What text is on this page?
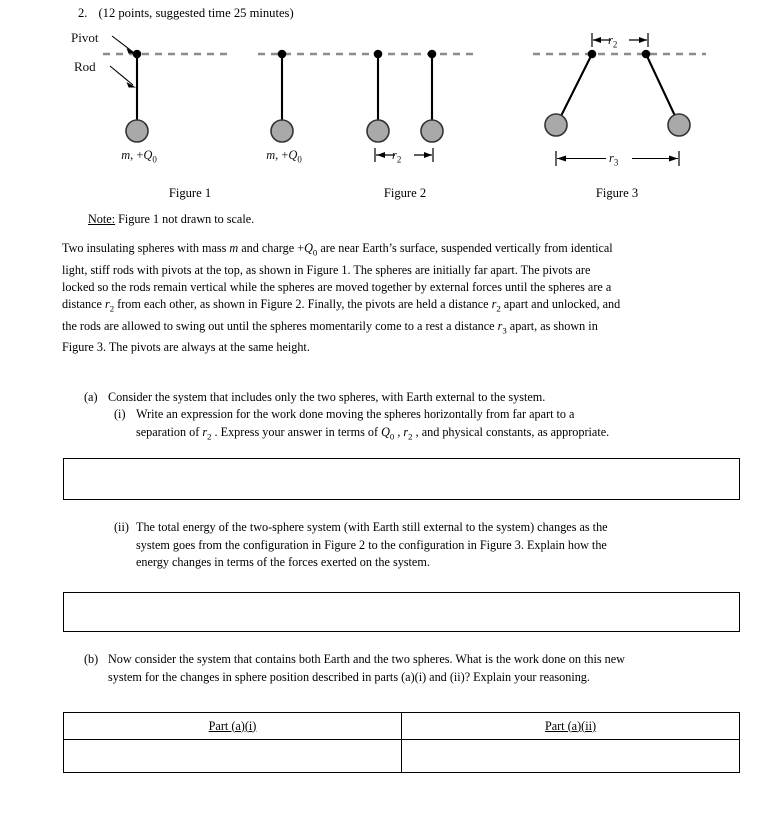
2. (12 points, suggested time 25 minutes)
Pivot
Rod
m, $+Q_0$	m, $+Q_0$	$r_2$
$r_2$
$r_3$
Figure 1	Figure 2	Figure 3
Note: Figure 1 not drawn to scale.
Two insulating spheres with mass m and charge $+Q_0$ are near Earth’s surface, suspended vertically from identical
light, stiff rods with pivots at the top, as shown in Figure 1. The spheres are initially far apart. The pivots are
locked so the rods remain vertical while the spheres are moved together by external forces until the spheres are a
distance $r_2$ from each other, as shown in Figure 2. Finally, the pivots are held a distance $r_2$ apart and unlocked, and
the rods are allowed to swing out until the spheres momentarily come to a rest a distance $r_3$ apart, as shown in
Figure 3. The pivots are always at the same height.
(a) Consider the system that includes only the two spheres, with Earth external to the system.
(i) Write an expression for the work done moving the spheres horizontally from far apart to a
separation of $r_2$ . Express your answer in terms of $Q_0$ , $r_2$ , and physical constants, as appropriate.
(ii) The total energy of the two-sphere system (with Earth still external to the system) changes as the
system goes from the configuration in Figure 2 to the configuration in Figure 3. Explain how the
energy changes in terms of the forces exerted on the system.
(b) Now consider the system that contains both Earth and the two spheres. What is the work done on this new
system for the changes in sphere position described in parts (a)(i) and (ii)? Explain your reasoning.
Part (a)(i)	Part (a)(ii)
